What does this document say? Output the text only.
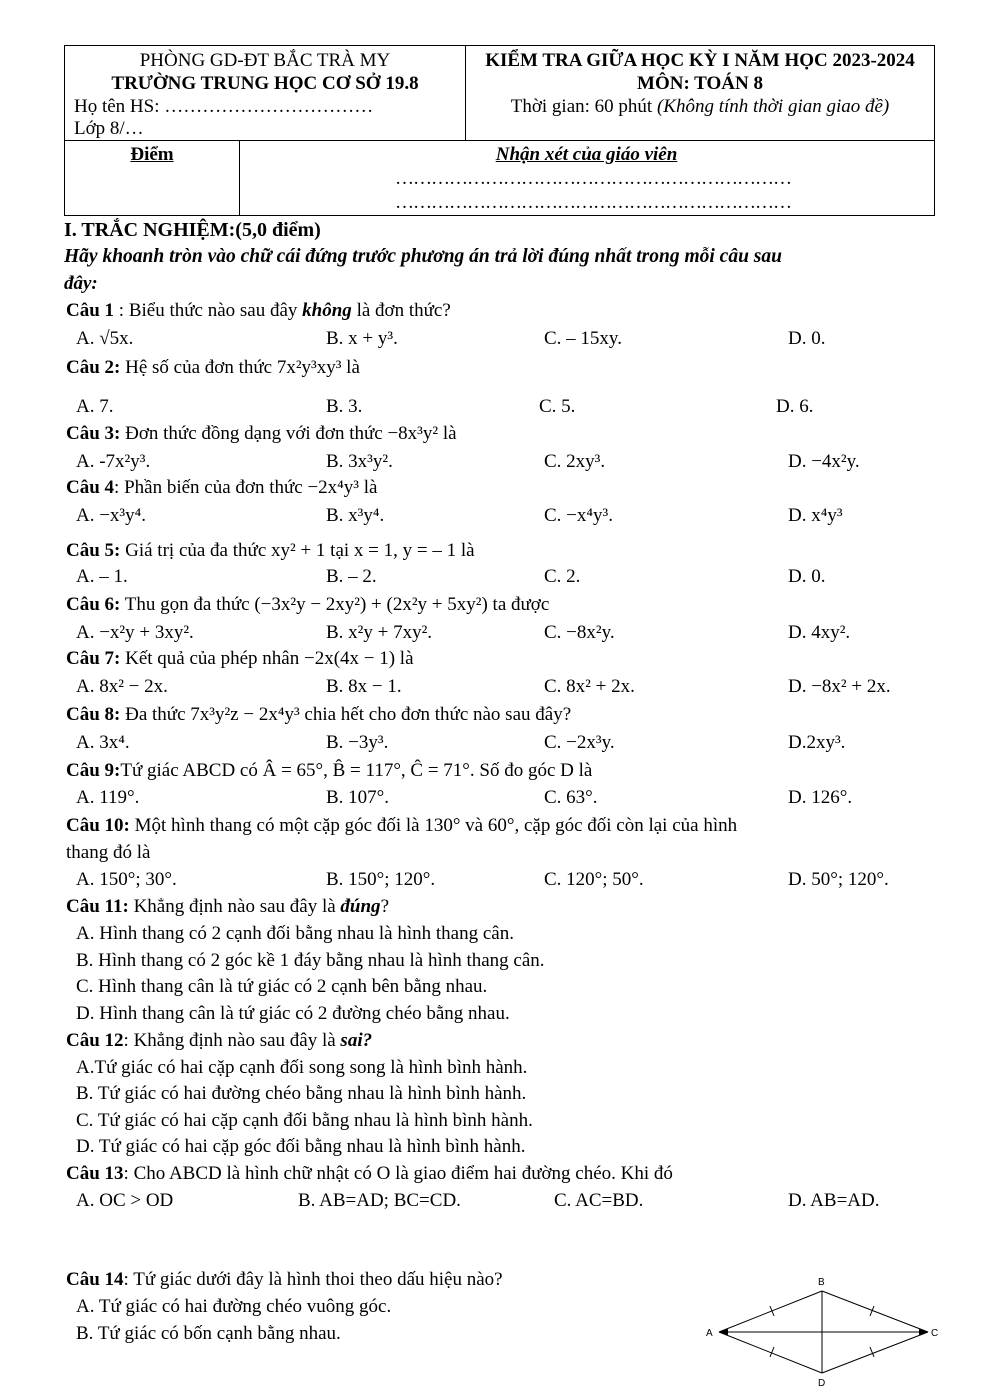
PHÒNG GD-ĐT BẮC TRÀ MY
TRƯỜNG TRUNG HỌC CƠ SỞ 19.8
Họ tên HS: ……………………………
Lớp 8/…
KIỂM TRA GIỮA HỌC KỲ I NĂM HỌC 2023-2024
MÔN: TOÁN 8
Thời gian: 60 phút (Không tính thời gian giao đề)
Điểm	Nhận xét của giáo viên
…………………………………………………………
…………………………………………………………
I. TRẮC NGHIỆM:(5,0 điểm)
Hãy khoanh tròn vào chữ cái đứng trước phương án trả lời đúng nhất trong mỗi câu sau
đây:
Câu 1 : Biểu thức nào sau đây không là đơn thức?
A. √5x.	B. x + y³.	C. – 15xy.	D. 0.
Câu 2: Hệ số của đơn thức 7x²y³xy³ là
A. 7.	B. 3.	C. 5.	D. 6.
Câu 3: Đơn thức đồng dạng với đơn thức −8x³y² là
A. -7x²y³.	B. 3x³y².	C. 2xy³.	D. −4x²y.
Câu 4: Phần biến của đơn thức −2x⁴y³ là
A. −x³y⁴.	B. x³y⁴.	C. −x⁴y³.	D. x⁴y³
Câu 5: Giá trị của đa thức xy² + 1 tại x = 1, y = – 1 là
A. – 1.	B. – 2.	C. 2.	D. 0.
Câu 6: Thu gọn đa thức (−3x²y − 2xy²) + (2x²y + 5xy²) ta được
A. −x²y + 3xy².	B. x²y + 7xy².	C. −8x²y.	D. 4xy².
Câu 7: Kết quả của phép nhân −2x(4x − 1) là
A. 8x² − 2x.	B. 8x − 1.	C. 8x² + 2x.	D. −8x² + 2x.
Câu 8: Đa thức 7x³y²z − 2x⁴y³ chia hết cho đơn thức nào sau đây?
A. 3x⁴.	B. −3y³.	C. −2x³y.	D.2xy³.
Câu 9:Tứ giác ABCD có Â = 65°, B̂ = 117°, Ĉ = 71°. Số đo góc D là
A. 119°.	B. 107°.	C. 63°.	D. 126°.
Câu 10: Một hình thang có một cặp góc đối là 130° và 60°, cặp góc đối còn lại của hình
thang đó là
A. 150°; 30°.	B. 150°; 120°.	C. 120°; 50°.	D. 50°; 120°.
Câu 11: Khẳng định nào sau đây là đúng?
A. Hình thang có 2 cạnh đối bằng nhau là hình thang cân.
B. Hình thang có 2 góc kề 1 đáy bằng nhau là hình thang cân.
C. Hình thang cân là tứ giác có 2 cạnh bên bằng nhau.
D. Hình thang cân là tứ giác có 2 đường chéo bằng nhau.
Câu 12: Khẳng định nào sau đây là sai?
A.Tứ giác có hai cặp cạnh đối song song là hình bình hành.
B. Tứ giác có hai đường chéo bằng nhau là hình bình hành.
C. Tứ giác có hai cặp cạnh đối bằng nhau là hình bình hành.
D. Tứ giác có hai cặp góc đối bằng nhau là hình bình hành.
Câu 13: Cho ABCD là hình chữ nhật có O là giao điểm hai đường chéo. Khi đó
A. OC > OD	B. AB=AD; BC=CD.	C. AC=BD.	D. AB=AD.
Câu 14: Tứ giác dưới đây là hình thoi theo dấu hiệu nào?
A. Tứ giác có hai đường chéo vuông góc.
B. Tứ giác có bốn cạnh bằng nhau.
B
A	C
D
